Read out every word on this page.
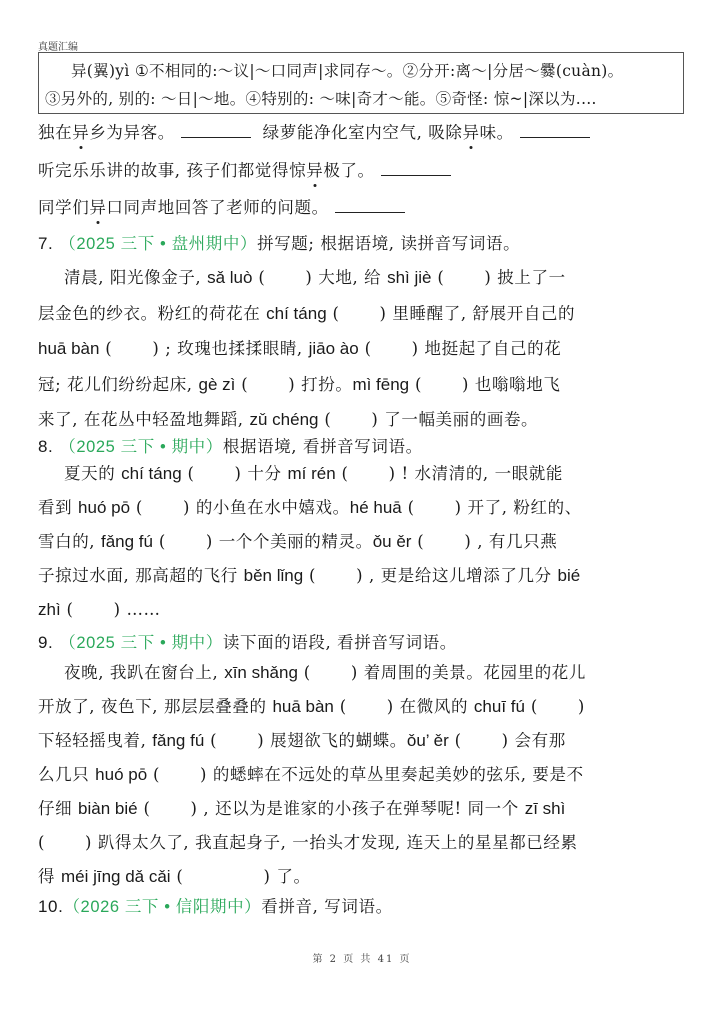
真题汇编
异(翼)yì ①不相同的:～议|～口同声|求同存～。②分开:离～|分居～爨(cuàn)。
③另外的, 别的: ～日|～地。④特别的: ～味|奇才～能。⑤奇怪: 惊~|深以为.…
独在异乡为异客。	绿萝能净化室内空气, 吸除异味。
听完乐乐讲的故事, 孩子们都觉得惊异极了。
同学们异口同声地回答了老师的问题。
7. （2025 三下 • 盘州期中）拼写题; 根据语境, 读拼音写词语。
8. （2025 三下 • 期中）根据语境, 看拼音写词语。
9. （2025 三下 • 期中）读下面的语段, 看拼音写词语。
10.（2026 三下 • 信阳期中）看拼音, 写词语。
第 2 页 共 41 页
清晨, 阳光像金子, sǎ luò ( ) 大地, 给 shì jiè ( ) 披上了一
层金色的纱衣。粉红的荷花在 chí táng ( ) 里睡醒了, 舒展开自己的
huā bàn ( ) ; 玫瑰也揉揉眼睛, jiāo ào ( ) 地挺起了自己的花
冠; 花儿们纷纷起床, gè zì ( ) 打扮。mì fēng ( ) 也嗡嗡地飞
来了, 在花丛中轻盈地舞蹈, zǔ chéng ( ) 了一幅美丽的画卷。
夏天的 chí táng ( ) 十分 mí rén ( ) ! 水清清的, 一眼就能
看到 huó pō ( ) 的小鱼在水中嬉戏。hé huā ( ) 开了, 粉红的、
雪白的, fǎng fú ( ) 一个个美丽的精灵。ǒu ěr ( ) , 有几只燕
子掠过水面, 那高超的飞行 běn lǐng ( ) , 更是给这儿增添了几分 bié
zhì ( ) ……
夜晚, 我趴在窗台上, xīn shǎng ( ) 着周围的美景。花园里的花儿
开放了, 夜色下, 那层层叠叠的 huā bàn ( ) 在微风的 chuī fú ( )
下轻轻摇曳着, fǎng fú ( ) 展翅欲飞的蝴蝶。ǒu’ ěr ( ) 会有那
么几只 huó pō ( ) 的蟋蟀在不远处的草丛里奏起美妙的弦乐, 要是不
仔细 biàn bié ( ) , 还以为是谁家的小孩子在弹琴呢! 同一个 zī shì
( ) 趴得太久了, 我直起身子, 一抬头才发现, 连天上的星星都已经累
得 méi jīng dǎ cǎi (	) 了。
